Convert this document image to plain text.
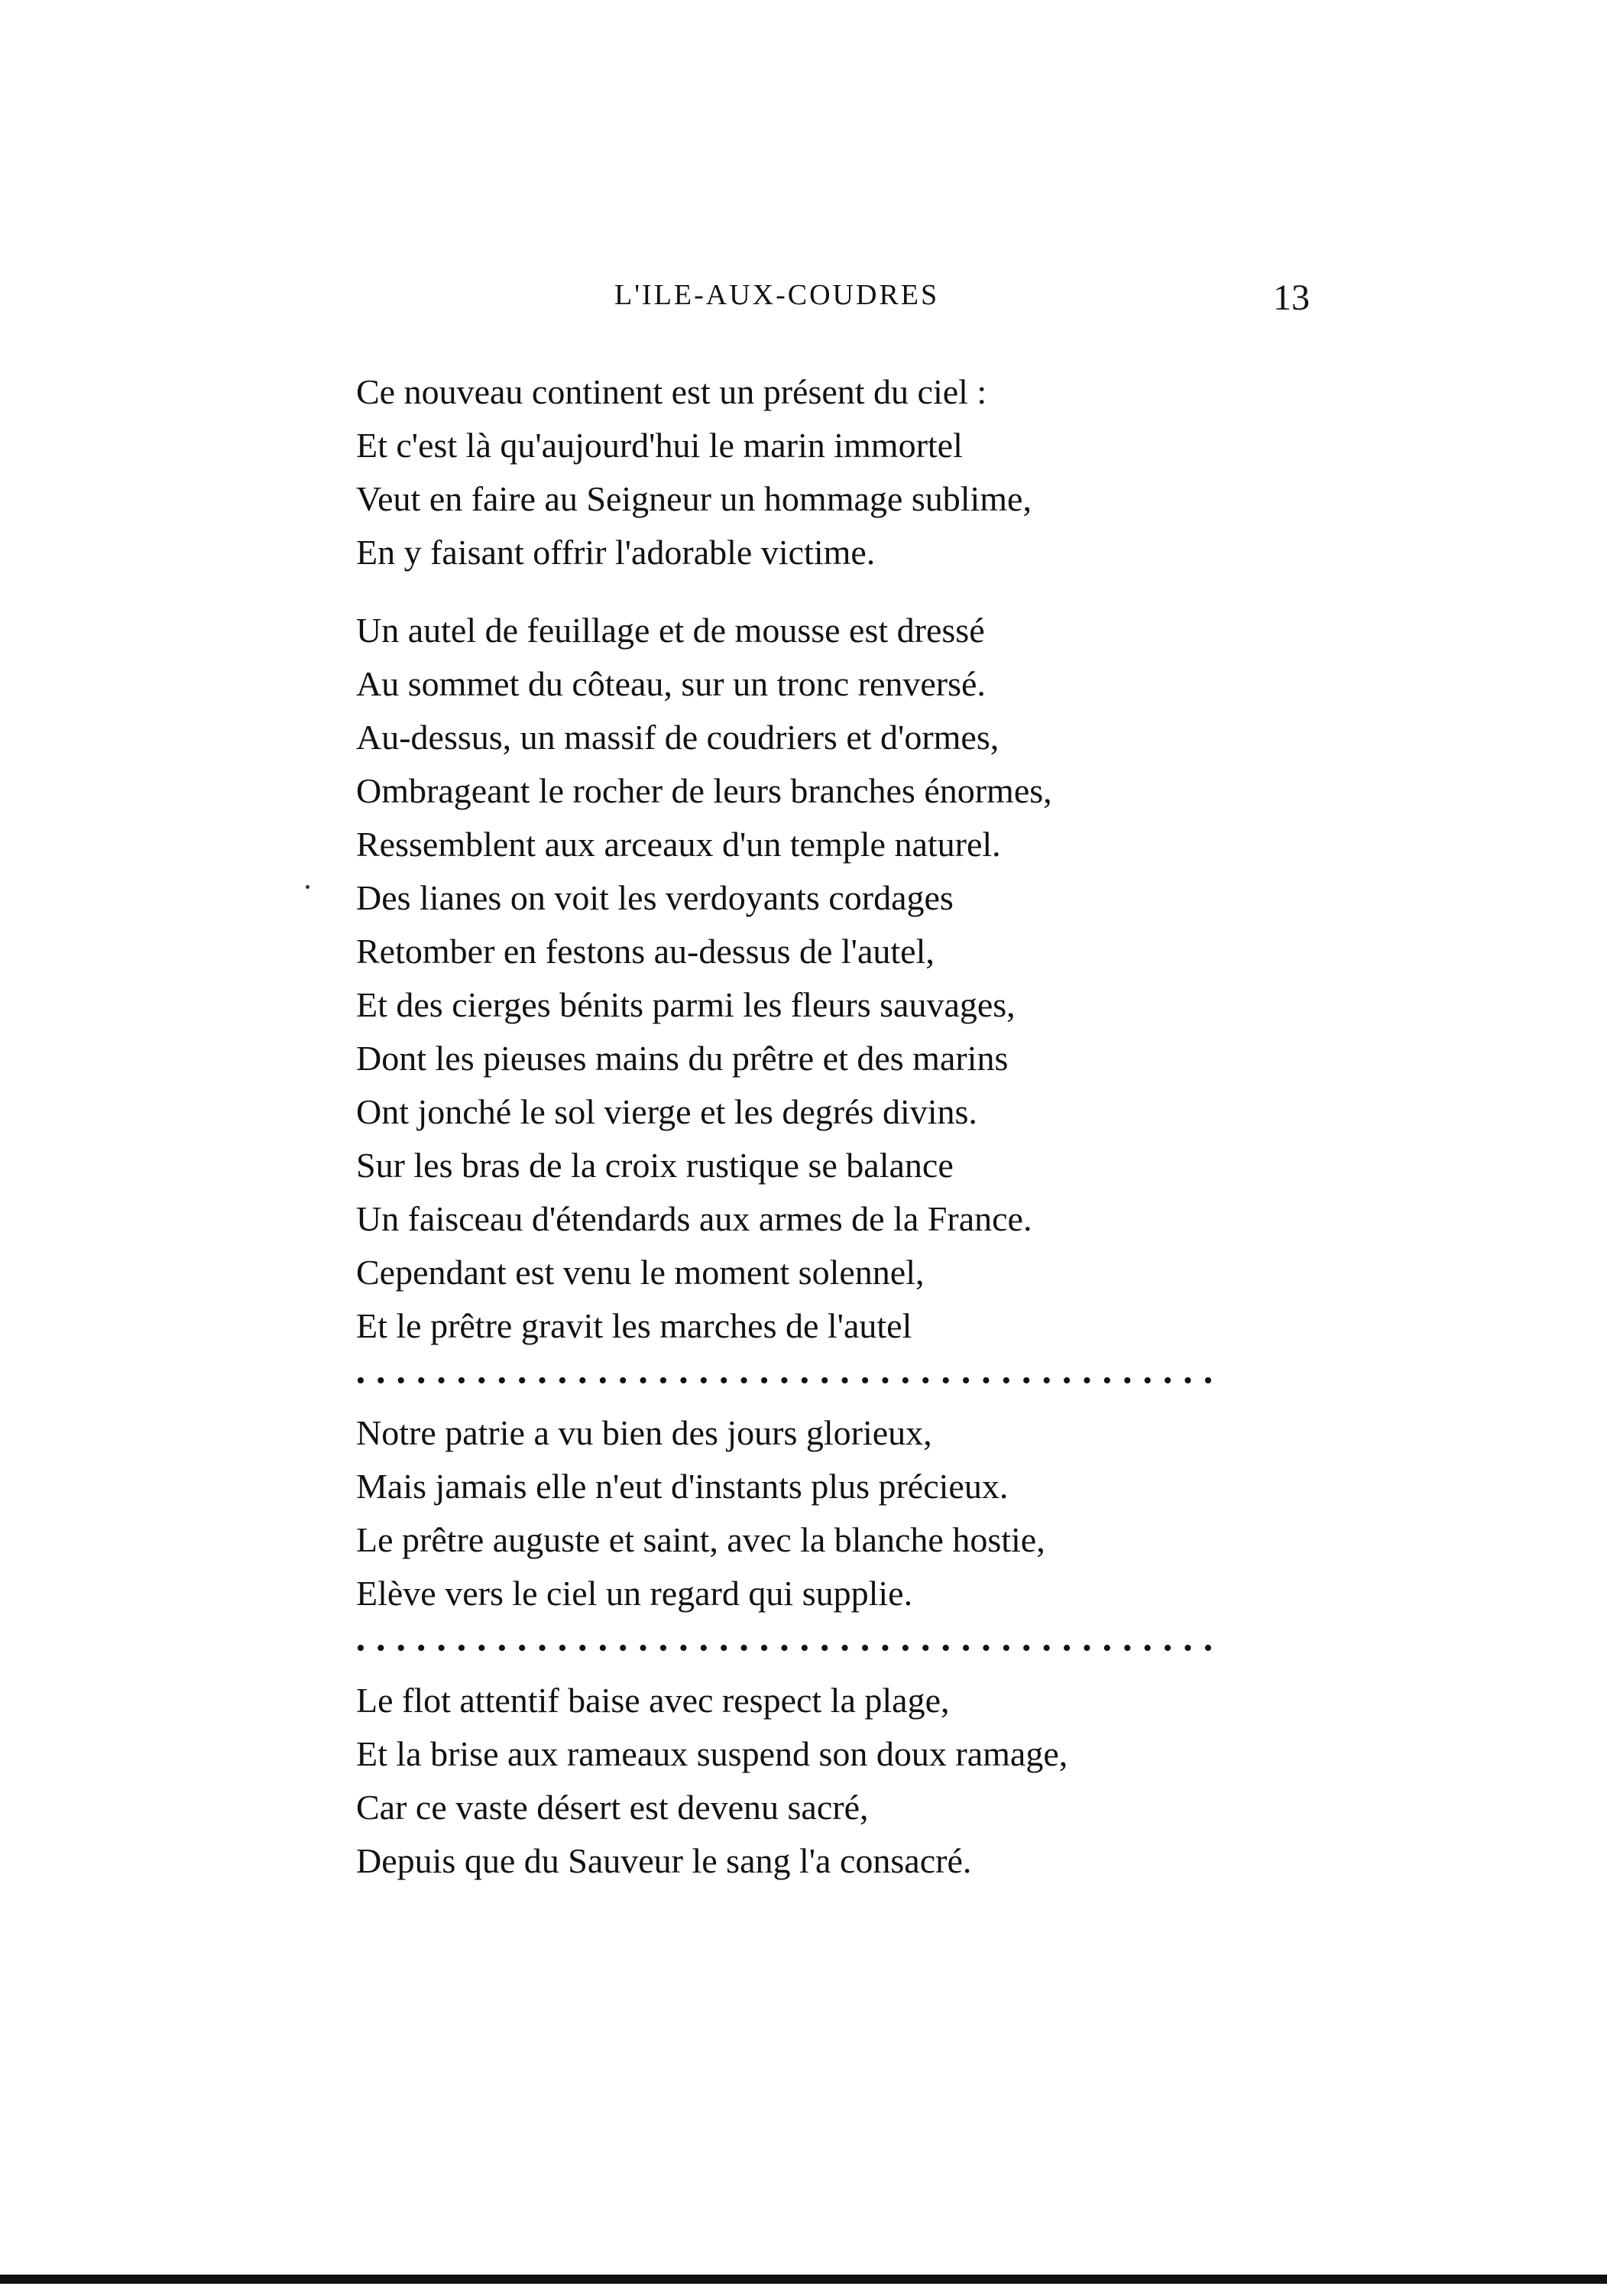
L'ILE-AUX-COUDRES	13
Ce nouveau continent est un présent du ciel :
Et c'est là qu'aujourd'hui le marin immortel
Veut en faire au Seigneur un hommage sublime,
En y faisant offrir l'adorable victime.
Un autel de feuillage et de mousse est dressé
Au sommet du côteau, sur un tronc renversé.
Au-dessus, un massif de coudriers et d'ormes,
Ombrageant le rocher de leurs branches énormes,
Ressemblent aux arceaux d'un temple naturel.
Des lianes on voit les verdoyants cordages
Retomber en festons au-dessus de l'autel,
Et des cierges bénits parmi les fleurs sauvages,
Dont les pieuses mains du prêtre et des marins
Ont jonché le sol vierge et les degrés divins.
Sur les bras de la croix rustique se balance
Un faisceau d'étendards aux armes de la France.
Cependant est venu le moment solennel,
Et le prêtre gravit les marches de l'autel
• • • • • • • • • • • • • • • • • • • • • • • • • • • • • • • • • • • • • • • • • • •
Notre patrie a vu bien des jours glorieux,
Mais jamais elle n'eut d'instants plus précieux.
Le prêtre auguste et saint, avec la blanche hostie,
Elève vers le ciel un regard qui supplie.
• • • • • • • • • • • • • • • • • • • • • • • • • • • • • • • • • • • • • • • • • • •
Le flot attentif baise avec respect la plage,
Et la brise aux rameaux suspend son doux ramage,
Car ce vaste désert est devenu sacré,
Depuis que du Sauveur le sang l'a consacré.
